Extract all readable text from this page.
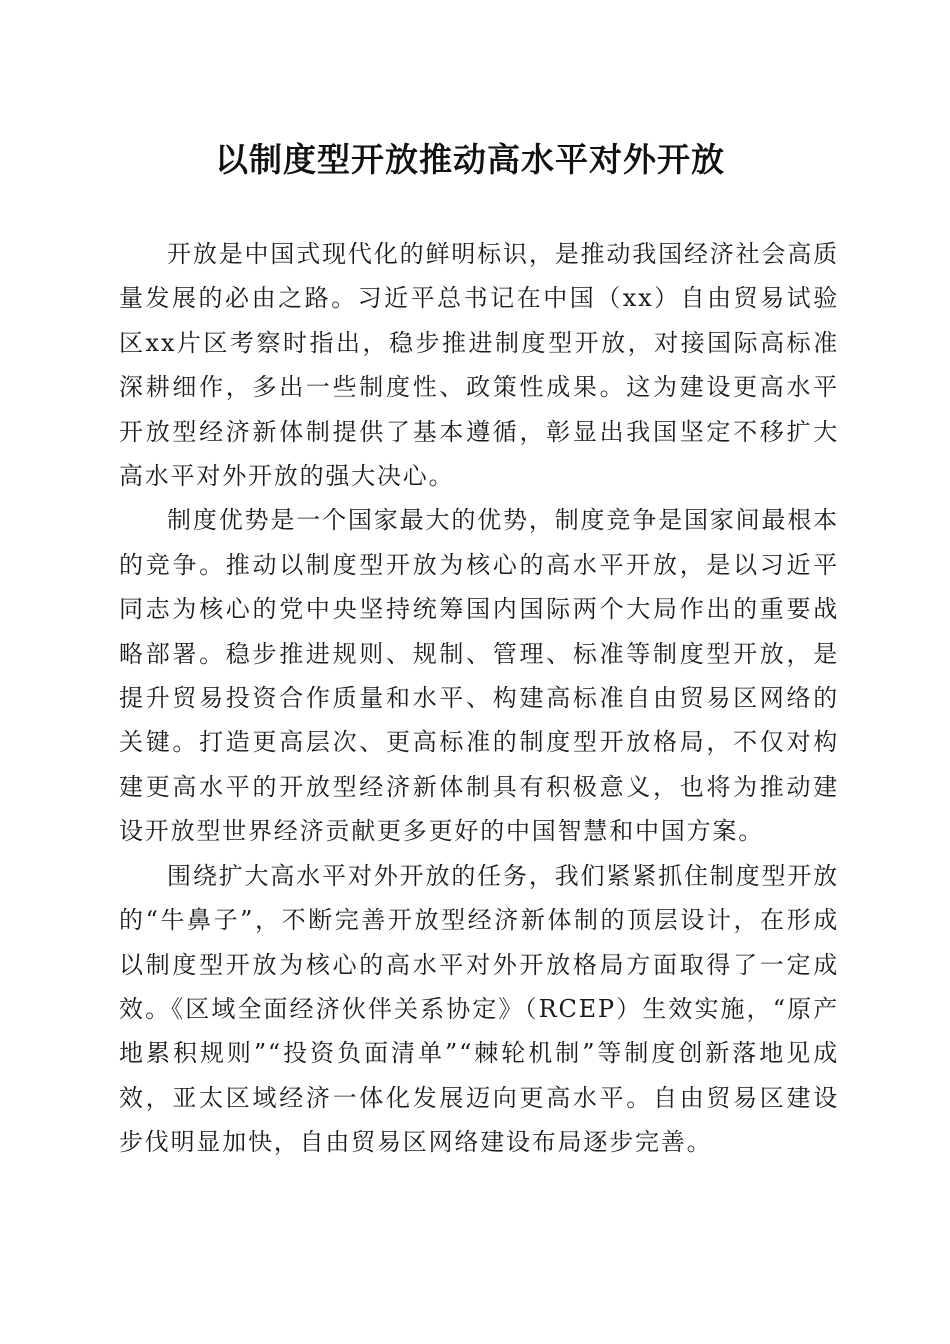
以制度型开放推动高水平对外开放

开放是中国式现代化的鲜明标识，是推动我国经济社会高质量发展的必由之路。习近平总书记在中国（xx）自由贸易试验区xx片区考察时指出，稳步推进制度型开放，对接国际高标准深耕细作，多出一些制度性、政策性成果。这为建设更高水平开放型经济新体制提供了基本遵循，彰显出我国坚定不移扩大高水平对外开放的强大决心。

制度优势是一个国家最大的优势，制度竞争是国家间最根本的竞争。推动以制度型开放为核心的高水平开放，是以习近平同志为核心的党中央坚持统筹国内国际两个大局作出的重要战略部署。稳步推进规则、规制、管理、标准等制度型开放，是提升贸易投资合作质量和水平、构建高标准自由贸易区网络的关键。打造更高层次、更高标准的制度型开放格局，不仅对构建更高水平的开放型经济新体制具有积极意义，也将为推动建设开放型世界经济贡献更多更好的中国智慧和中国方案。

围绕扩大高水平对外开放的任务，我们紧紧抓住制度型开放的“牛鼻子”，不断完善开放型经济新体制的顶层设计，在形成以制度型开放为核心的高水平对外开放格局方面取得了一定成效。《区域全面经济伙伴关系协定》（RCEP）生效实施，“原产地累积规则”“投资负面清单”“棘轮机制”等制度创新落地见成效，亚太区域经济一体化发展迈向更高水平。自由贸易区建设步伐明显加快，自由贸易区网络建设布局逐步完善。
